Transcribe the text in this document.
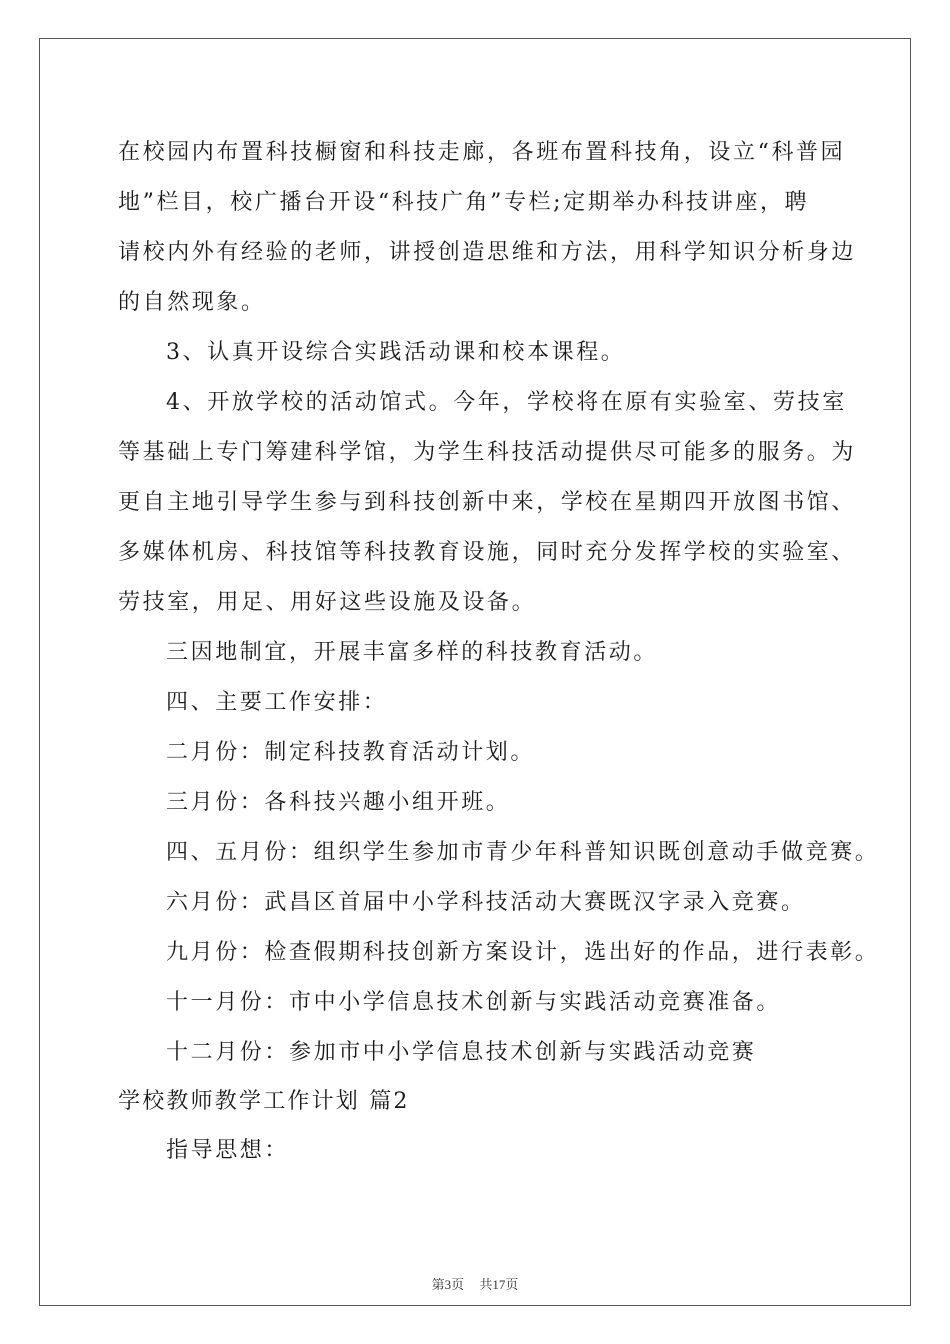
在校园内布置科技橱窗和科技走廊，各班布置科技角，设立“科普园

地”栏目，校广播台开设“科技广角”专栏;定期举办科技讲座，聘

请校内外有经验的老师，讲授创造思维和方法，用科学知识分析身边

的自然现象。

3、认真开设综合实践活动课和校本课程。

4、开放学校的活动馆式。今年，学校将在原有实验室、劳技室

等基础上专门筹建科学馆，为学生科技活动提供尽可能多的服务。为

更自主地引导学生参与到科技创新中来，学校在星期四开放图书馆、

多媒体机房、科技馆等科技教育设施，同时充分发挥学校的实验室、

劳技室，用足、用好这些设施及设备。

三因地制宜，开展丰富多样的科技教育活动。

四、主要工作安排：

二月份：制定科技教育活动计划。

三月份：各科技兴趣小组开班。

四、五月份：组织学生参加市青少年科普知识既创意动手做竞赛。

六月份：武昌区首届中小学科技活动大赛既汉字录入竞赛。

九月份：检查假期科技创新方案设计，选出好的作品，进行表彰。

十一月份：市中小学信息技术创新与实践活动竞赛准备。

十二月份：参加市中小学信息技术创新与实践活动竞赛

学校教师教学工作计划 篇2

指导思想：

第3页 共17页
